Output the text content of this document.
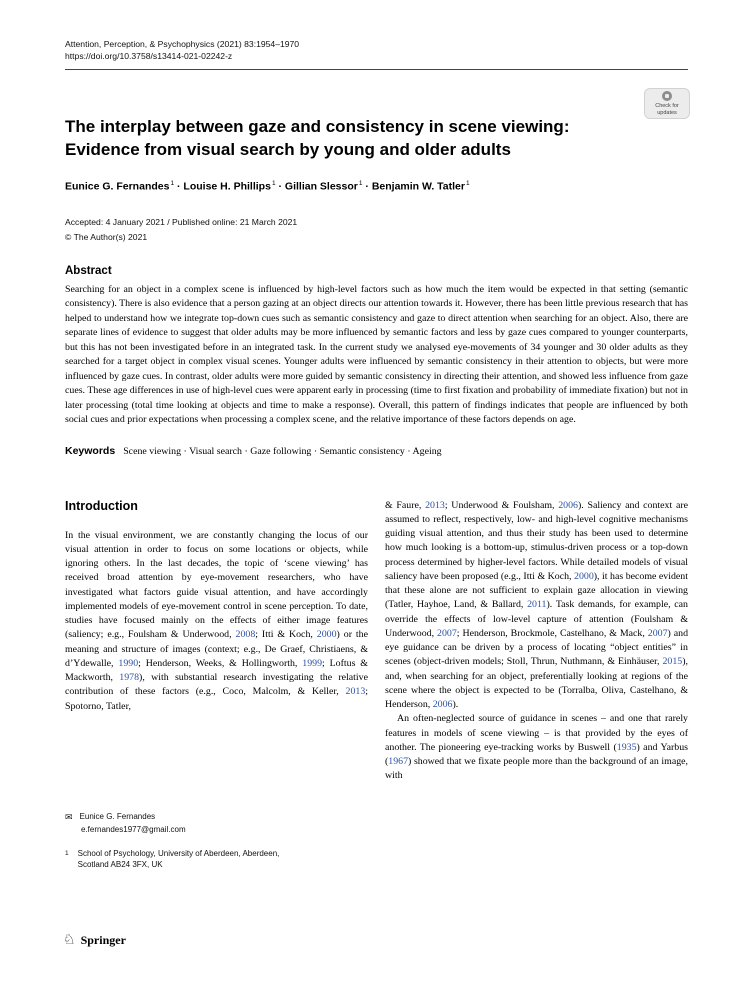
Attention, Perception, & Psychophysics (2021) 83:1954–1970
https://doi.org/10.3758/s13414-021-02242-z
Check for
updates
The interplay between gaze and consistency in scene viewing:
Evidence from visual search by young and older adults
Eunice G. Fernandes$^1$ · Louise H. Phillips$^1$ · Gillian Slessor$^1$ · Benjamin W. Tatler$^1$
Accepted: 4 January 2021 / Published online: 21 March 2021
© The Author(s) 2021
Abstract

Searching for an object in a complex scene is influenced by high-level factors such as how much the item would be expected in that setting (semantic consistency). There is also evidence that a person gazing at an object directs our attention towards it. However, there has been little previous research that has helped to understand how we integrate top-down cues such as semantic consistency and gaze to direct attention when searching for an object. Also, there are separate lines of evidence to suggest that older adults may be more influenced by semantic factors and less by gaze cues compared to younger counterparts, but this has not been investigated before in an integrated task. In the current study we analysed eye-movements of 34 younger and 30 older adults as they searched for a target object in complex visual scenes. Younger adults were influenced by semantic consistency in their attention to objects, but were more influenced by gaze cues. In contrast, older adults were more guided by semantic consistency in directing their attention, and showed less influence from gaze cues. These age differences in use of high-level cues were apparent early in processing (time to first fixation and probability of immediate fixation) but not in later processing (total time looking at objects and time to make a response). Overall, this pattern of findings indicates that people are influenced by both social cues and prior expectations when processing a complex scene, and the relative importance of these factors depends on age.

Keywords Scene viewing · Visual search · Gaze following · Semantic consistency · Ageing
Introduction

In the visual environment, we are constantly changing the locus of our visual attention in order to focus on some locations or objects, while ignoring others. In the last decades, the topic of ‘scene viewing’ has received broad attention by eye-movement researchers, who have investigated what factors guide visual attention, and have accordingly implemented models of eye-movement control in scene perception. To date, studies have focused mainly on the effects of either image features (saliency; e.g., Foulsham & Underwood, 2008; Itti & Koch, 2000) or the meaning and structure of images (context; e.g., De Graef, Christiaens, & d’Ydewalle, 1990; Henderson, Weeks, & Hollingworth, 1999; Loftus & Mackworth, 1978), with substantial research investigating the relative contribution of these factors (e.g., Coco, Malcolm, & Keller, 2013; Spotorno, Tatler,

✉ Eunice G. Fernandes
e.fernandes1977@gmail.com
1 School of Psychology, University of Aberdeen, Aberdeen, Scotland AB24 3FX, UK

& Faure, 2013; Underwood & Foulsham, 2006). Saliency and context are assumed to reflect, respectively, low- and high-level cognitive mechanisms guiding visual attention, and thus their study has been used to determine how much looking is a bottom-up, stimulus-driven process or a top-down process determined by higher-level factors. While detailed models of visual saliency have been proposed (e.g., Itti & Koch, 2000), it has become evident that these alone are not sufficient to explain gaze allocation in viewing (Tatler, Hayhoe, Land, & Ballard, 2011). Task demands, for example, can override the effects of low-level capture of attention (Foulsham & Underwood, 2007; Henderson, Brockmole, Castelhano, & Mack, 2007) and eye guidance can be driven by a process of locating “object entities” in scenes (object-driven models; Stoll, Thrun, Nuthmann, & Einhäuser, 2015), and, when searching for an object, preferentially looking at regions of the scene where the object is expected to be (Torralba, Oliva, Castelhano, & Henderson, 2006).

An often-neglected source of guidance in scenes – and one that rarely features in models of scene viewing – is that provided by the eyes of another. The pioneering eye-tracking works by Buswell (1935) and Yarbus (1967) showed that we fixate people more than the background of an image, with

♘ Springer
